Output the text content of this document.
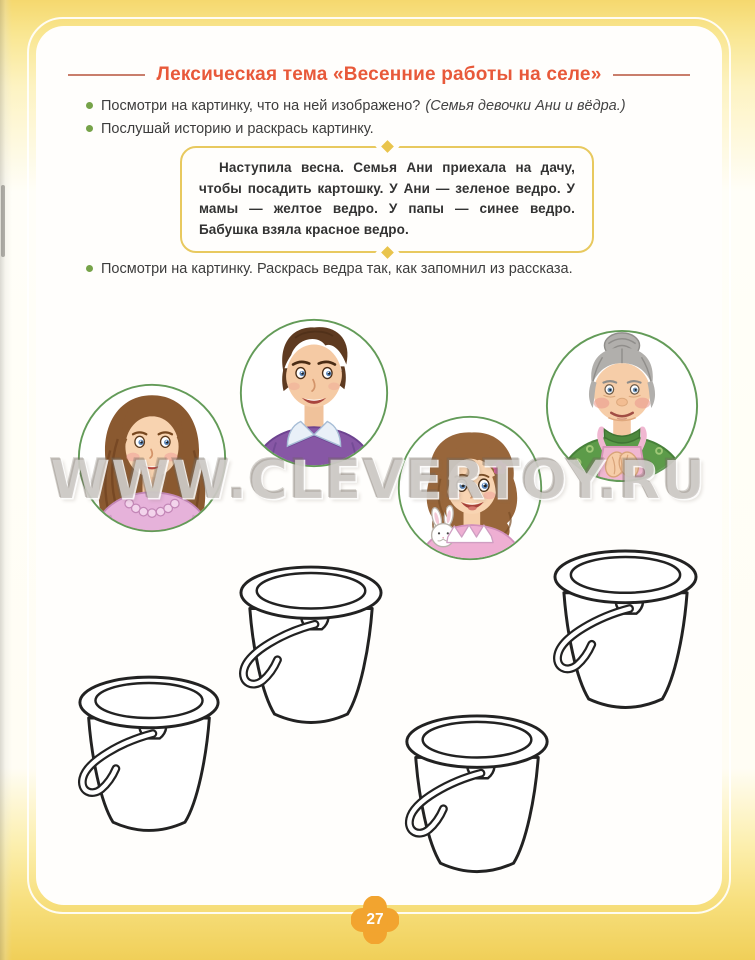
Лексическая тема «Весенние работы на селе»
Посмотри на картинку, что на ней изображено? (Семья девочки Ани и вёдра.)
Послушай историю и раскрась картинку.

Наступила весна. Семья Ани приехала на дачу, чтобы посадить картошку. У Ани — зеленое ведро. У мамы — желтое ведро. У папы — синее ведро. Бабушка взяла красное ведро.

Посмотри на картинку. Раскрась ведра так, как запомнил из рассказа.
WWW.CLEVERTOY.RU
27
